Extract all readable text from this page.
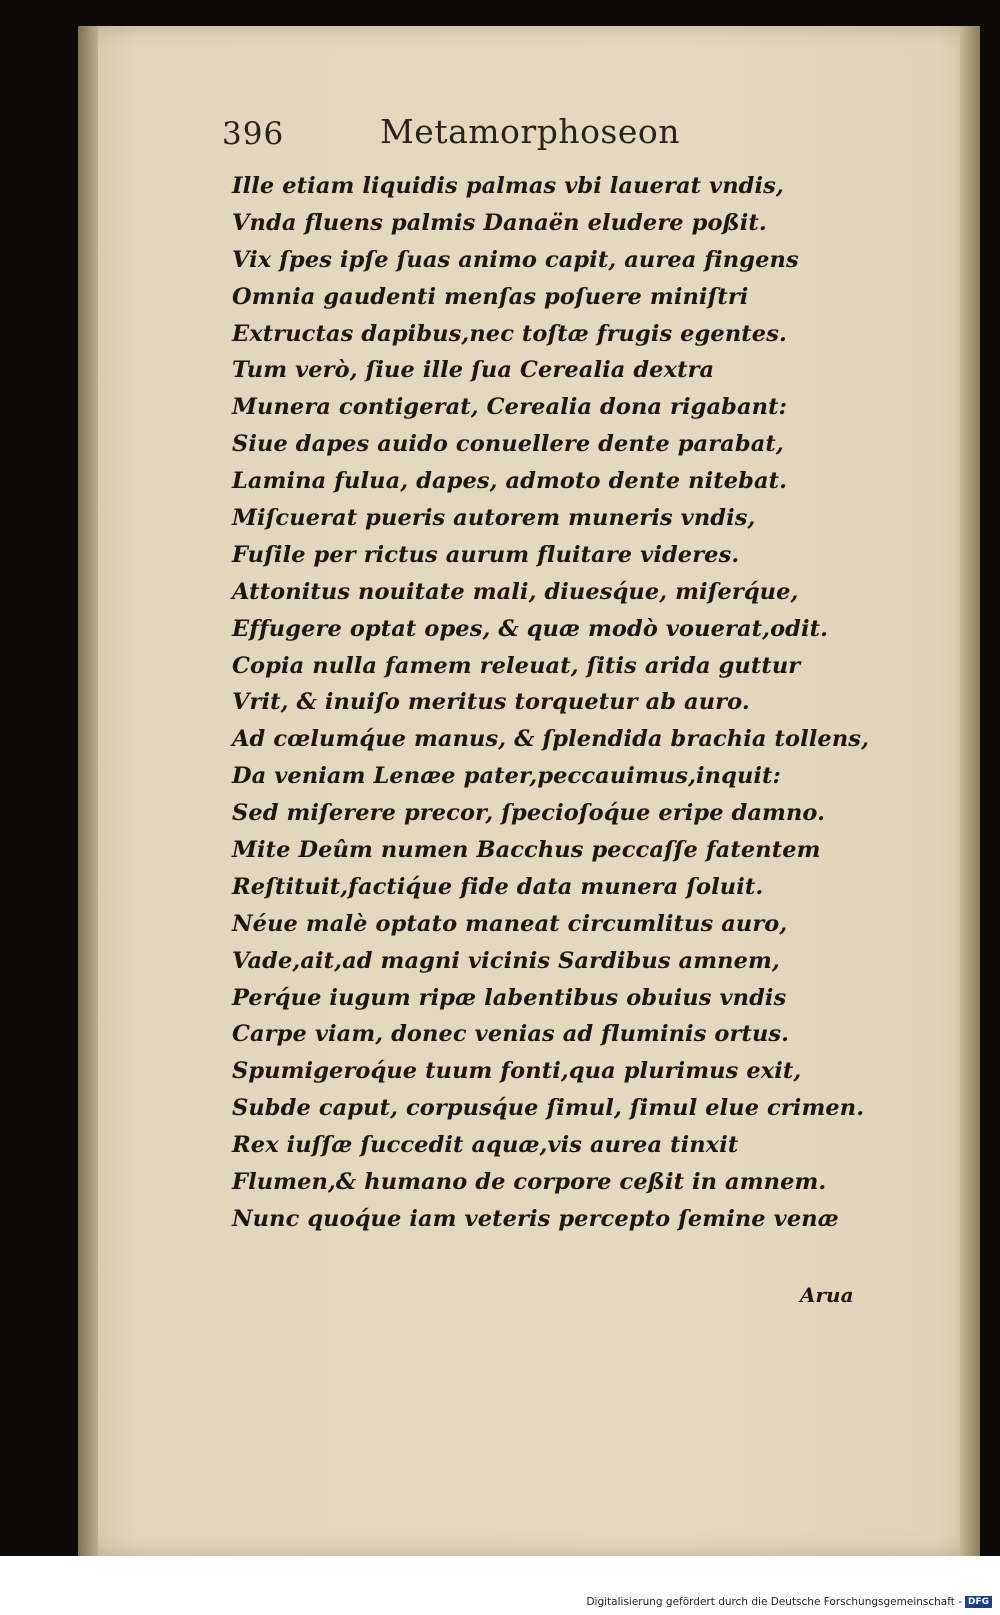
396	Metamorphoseon
Ille etiam liquidis palmas vbi lauerat vndis,
Vnda fluens palmis Danaën eludere poßit.
Vix ſpes ipſe ſuas animo capit, aurea fingens
Omnia gaudenti menſas poſuere miniſtri
Extructas dapibus,nec toſtæ frugis egentes.
Tum verò, ſiue ille ſua Cerealia dextra
Munera contigerat, Cerealia dona rigabant:
Siue dapes auido conuellere dente parabat,
Lamina fulua, dapes, admoto dente nitebat.
Miſcuerat pueris autorem muneris vndis,
Fuſile per rictus aurum fluitare videres.
Attonitus nouitate mali, diuesq́ue, miſerq́ue,
Effugere optat opes, & quæ modò vouerat,odit.
Copia nulla famem releuat, ſitis arida guttur
Vrit, & inuiſo meritus torquetur ab auro.
Ad cœlumq́ue manus, & ſplendida brachia tollens,
Da veniam Lenæe pater,peccauimus,inquit:
Sed miſerere precor, ſpecioſoq́ue eripe damno.
Mite Deûm numen Bacchus peccaſſe fatentem
Reſtituit,factiq́ue fide data munera ſoluit.
Néue malè optato maneat circumlitus auro,
Vade,ait,ad magni vicinis Sardibus amnem,
Perq́ue iugum ripæ labentibus obuius vndis
Carpe viam, donec venias ad fluminis ortus.
Spumigeroq́ue tuum fonti,qua plurimus exit,
Subde caput, corpusq́ue ſimul, ſimul elue crimen.
Rex iuſſæ ſuccedit aquæ,vis aurea tinxit
Flumen,& humano de corpore ceßit in amnem.
Nunc quoq́ue iam veteris percepto ſemine venæ
Arua
Digitalisierung gefördert durch die Deutsche Forschungsgemeinschaft - DFG
